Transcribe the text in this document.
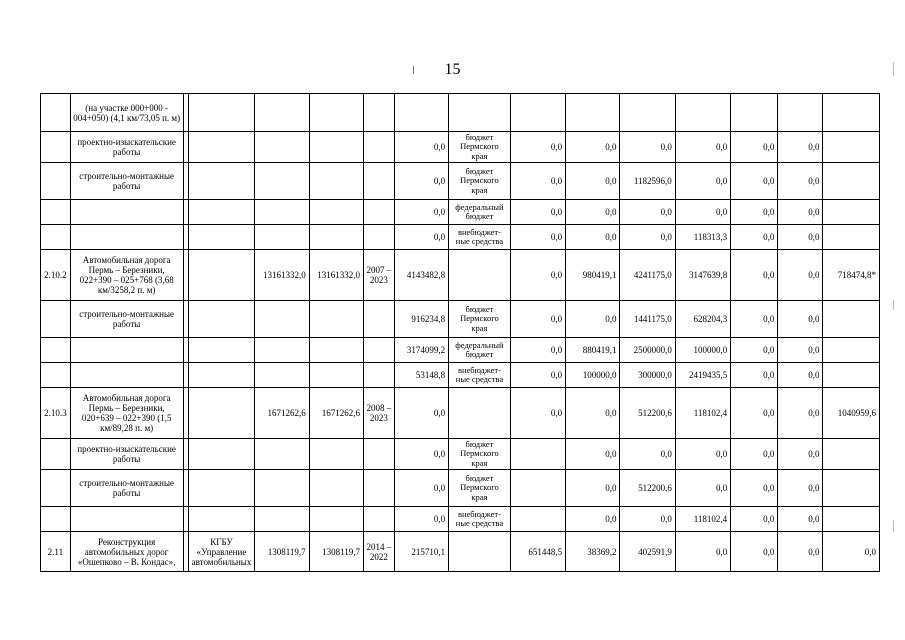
15
	(на участке 000+000 - 004+050) (4,1 км/73,05 п. м)														
	проектно-изыскательские работы						0,0	бюджет Пермского края	0,0	0,0	0,0	0,0	0,0	0,0	
	строительно-монтажные работы						0,0	бюджет Пермского края	0,0	0,0	1182596,0	0,0	0,0	0,0	
							0,0	федеральный бюджет	0,0	0,0	0,0	0,0	0,0	0,0	
							0,0	внебюджет-ные средства	0,0	0,0	0,0	118313,3	0,0	0,0	
2.10.2	Автомобильная дорога Пермь – Березники, 022+390 – 025+768 (3,68 км/3258,2 п. м)			13161332,0	13161332,0	2007 – 2023	4143482,8		0,0	980419,1	4241175,0	3147639,8	0,0	0,0	718474,8*
	строительно-монтажные работы						916234,8	бюджет Пермского края	0,0	0,0	1441175,0	628204,3	0,0	0,0	
							3174099,2	федеральный бюджет	0,0	880419,1	2500000,0	100000,0	0,0	0,0	
							53148,8	внебюджет-ные средства	0,0	100000,0	300000,0	2419435,5	0,0	0,0	
2.10.3	Автомобильная дорога Пермь – Березники, 020+639 – 022+390 (1,5 км/89,28 п. м)			1671262,6	1671262,6	2008 – 2023	0,0		0,0	0,0	512200,6	118102,4	0,0	0,0	1040959,6
	проектно-изыскательские работы						0,0	бюджет Пермского края		0,0	0,0	0,0	0,0	0,0	
	строительно-монтажные работы						0,0	бюджет Пермского края		0,0	512200,6	0,0	0,0	0,0	
							0,0	внебюджет-ные средства		0,0	0,0	118102,4	0,0	0,0	
2.11	Реконструкция автомобильных дорог «Ошепково – В. Кондас»,		КГБУ «Управление автомобильных	1308119,7	1308119,7	2014 – 2022	215710,1		651448,5	38369,2	402591,9	0,0	0,0	0,0	0,0
